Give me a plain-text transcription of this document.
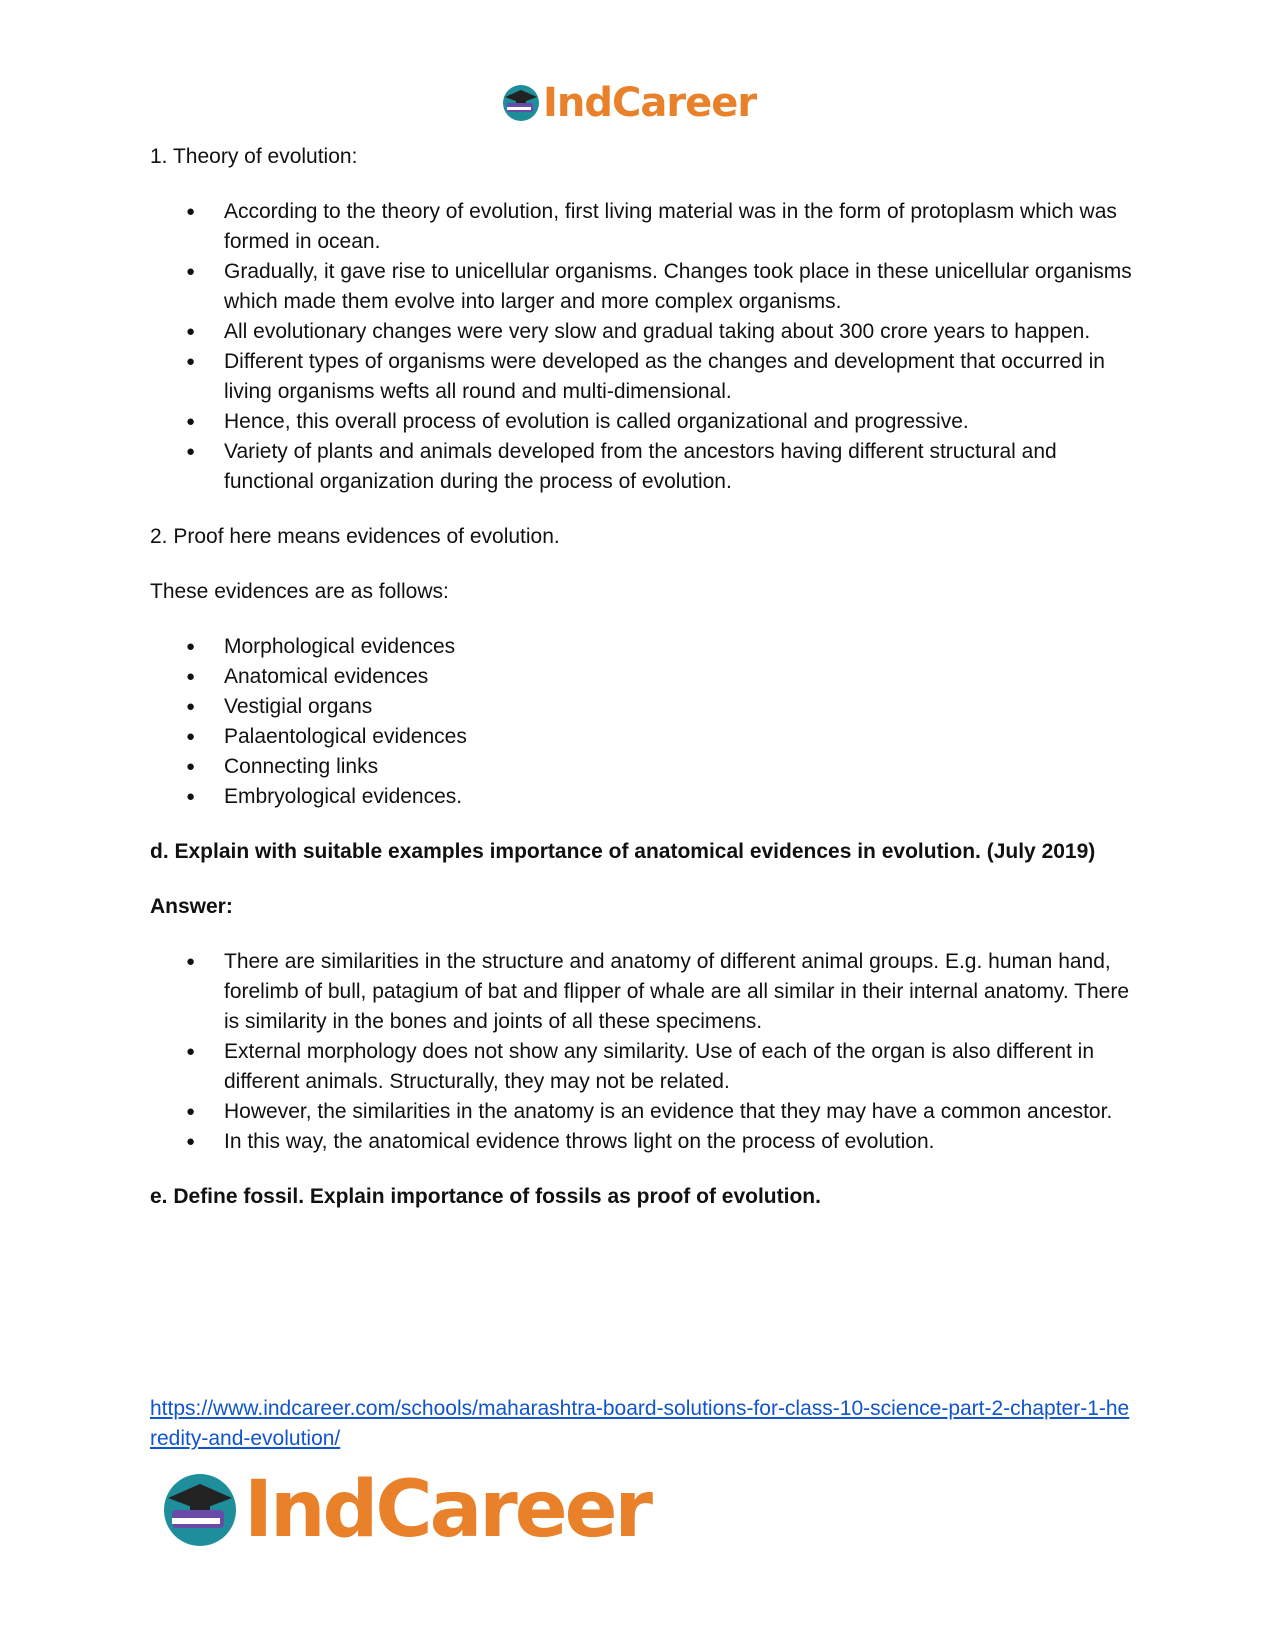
IndCareer

1. Theory of evolution:

● According to the theory of evolution, first living material was in the form of protoplasm which was formed in ocean.
● Gradually, it gave rise to unicellular organisms. Changes took place in these unicellular organisms which made them evolve into larger and more complex organisms.
● All evolutionary changes were very slow and gradual taking about 300 crore years to happen.
● Different types of organisms were developed as the changes and development that occurred in living organisms wefts all round and multi-dimensional.
● Hence, this overall process of evolution is called organizational and progressive.
● Variety of plants and animals developed from the ancestors having different structural and functional organization during the process of evolution.

2. Proof here means evidences of evolution.

These evidences are as follows:

● Morphological evidences
● Anatomical evidences
● Vestigial organs
● Palaentological evidences
● Connecting links
● Embryological evidences.

d. Explain with suitable examples importance of anatomical evidences in evolution. (July 2019)

Answer:

● There are similarities in the structure and anatomy of different animal groups. E.g. human hand, forelimb of bull, patagium of bat and flipper of whale are all similar in their internal anatomy. There is similarity in the bones and joints of all these specimens.
● External morphology does not show any similarity. Use of each of the organ is also different in different animals. Structurally, they may not be related.
● However, the similarities in the anatomy is an evidence that they may have a common ancestor.
● In this way, the anatomical evidence throws light on the process of evolution.

e. Define fossil. Explain importance of fossils as proof of evolution.

https://www.indcareer.com/schools/maharashtra-board-solutions-for-class-10-science-part-2-chapter-1-heredity-and-evolution/
IndCareer
